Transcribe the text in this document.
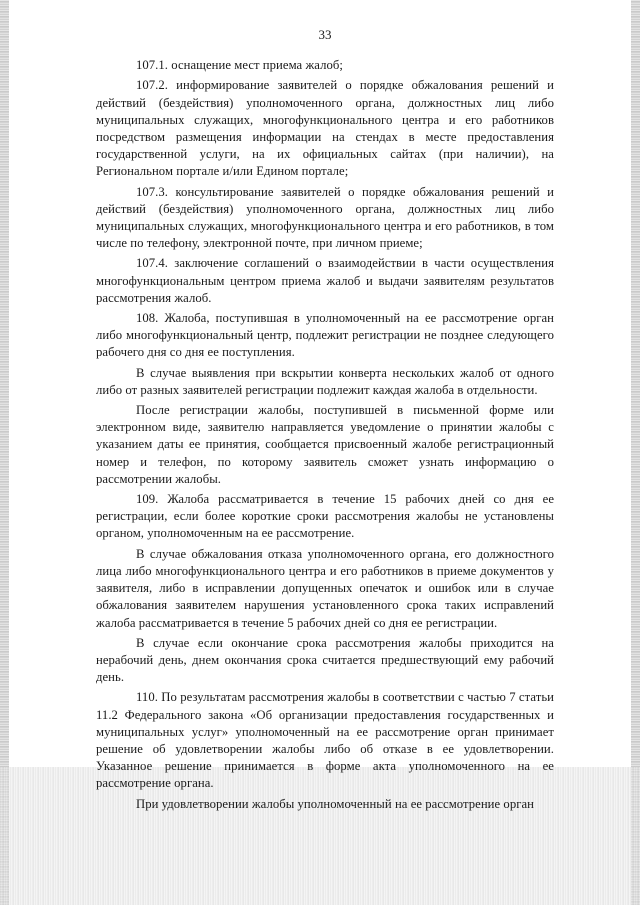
33

107.1. оснащение мест приема жалоб;

107.2. информирование заявителей о порядке обжалования решений и действий (бездействия) уполномоченного органа, должностных лиц либо муниципальных служащих, многофункционального центра и его работников посредством размещения информации на стендах в месте предоставления государственной услуги, на их официальных сайтах (при наличии), на Региональном портале и/или Едином портале;

107.3. консультирование заявителей о порядке обжалования решений и действий (бездействия) уполномоченного органа, должностных лиц либо муниципальных служащих, многофункционального центра и его работников, в том числе по телефону, электронной почте, при личном приеме;

107.4. заключение соглашений о взаимодействии в части осуществления многофункциональным центром приема жалоб и выдачи заявителям результатов рассмотрения жалоб.

108. Жалоба, поступившая в уполномоченный на ее рассмотрение орган либо многофункциональный центр, подлежит регистрации не позднее следующего рабочего дня со дня ее поступления.

В случае выявления при вскрытии конверта нескольких жалоб от одного либо от разных заявителей регистрации подлежит каждая жалоба в отдельности.

После регистрации жалобы, поступившей в письменной форме или электронном виде, заявителю направляется уведомление о принятии жалобы с указанием даты ее принятия, сообщается присвоенный жалобе регистрационный номер и телефон, по которому заявитель сможет узнать информацию о рассмотрении жалобы.

109. Жалоба рассматривается в течение 15 рабочих дней со дня ее регистрации, если более короткие сроки рассмотрения жалобы не установлены органом, уполномоченным на ее рассмотрение.

В случае обжалования отказа уполномоченного органа, его должностного лица либо многофункционального центра и его работников в приеме документов у заявителя, либо в исправлении допущенных опечаток и ошибок или в случае обжалования заявителем нарушения установленного срока таких исправлений жалоба рассматривается в течение 5 рабочих дней со дня ее регистрации.

В случае если окончание срока рассмотрения жалобы приходится на нерабочий день, днем окончания срока считается предшествующий ему рабочий день.

110. По результатам рассмотрения жалобы в соответствии с частью 7 статьи 11.2 Федерального закона «Об организации предоставления государственных и муниципальных услуг» уполномоченный на ее рассмотрение орган принимает решение об удовлетворении жалобы либо об отказе в ее удовлетворении. Указанное решение принимается в форме акта уполномоченного на ее рассмотрение органа.

При удовлетворении жалобы уполномоченный на ее рассмотрение орган
